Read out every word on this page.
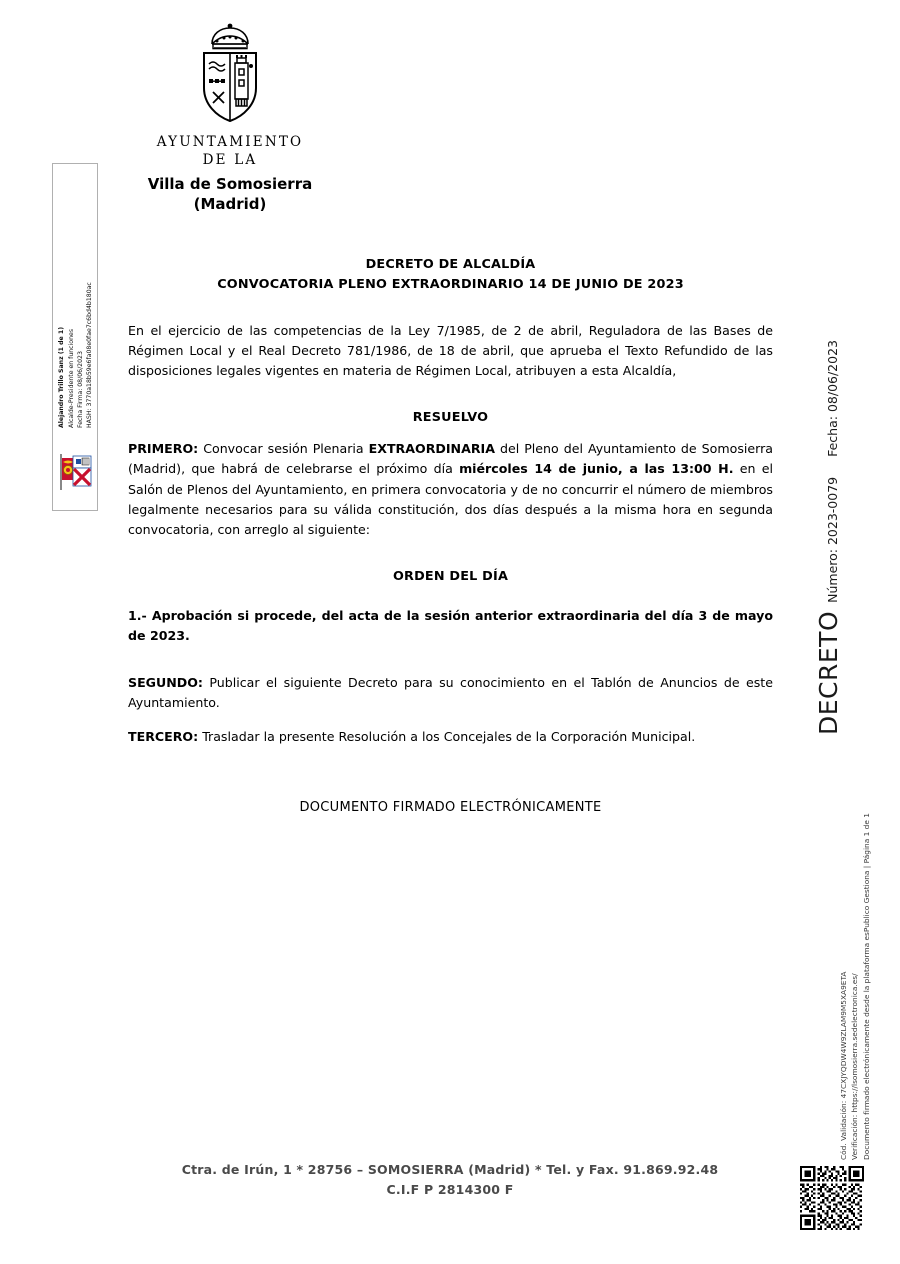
AYUNTAMIENTO
DE LA
Villa de Somosierra
(Madrid)
Alejandro Trillo Sanz (1 de 1) Alcalde-Presidente en funciones Fecha Firma: 08/06/2023 HASH: 3770a18b59e6fa08e0fae7c6bd4b180ac
DECRETO
Número: 2023-0079
Fecha: 08/06/2023
Cód. Validación: 47CXJYQDW4W9ZLAM9M5XA9ETA Verificación: https://lsomosierra.sedelectronica.es/ Documento firmado electrónicamente desde la plataforma esPublico Gestiona | Página 1 de 1
DECRETO DE ALCALDÍA
CONVOCATORIA PLENO EXTRAORDINARIO 14 DE JUNIO DE 2023
En el ejercicio de las competencias de la Ley 7/1985, de 2 de abril, Reguladora de las Bases de Régimen Local y el Real Decreto 781/1986, de 18 de abril, que aprueba el Texto Refundido de las disposiciones legales vigentes en materia de Régimen Local, atribuyen a esta Alcaldía,
RESUELVO
PRIMERO: Convocar sesión Plenaria EXTRAORDINARIA del Pleno del Ayuntamiento de Somosierra (Madrid), que habrá de celebrarse el próximo día miércoles 14 de junio, a las 13:00 H. en el Salón de Plenos del Ayuntamiento, en primera convocatoria y de no concurrir el número de miembros legalmente necesarios para su válida constitución, dos días después a la misma hora en segunda convocatoria, con arreglo al siguiente:
ORDEN DEL DÍA
1.- Aprobación si procede, del acta de la sesión anterior extraordinaria del día 3 de mayo de 2023.
SEGUNDO: Publicar el siguiente Decreto para su conocimiento en el Tablón de Anuncios de este Ayuntamiento.
TERCERO: Trasladar la presente Resolución a los Concejales de la Corporación Municipal.
DOCUMENTO FIRMADO ELECTRÓNICAMENTE
Ctra. de Irún, 1 * 28756 – SOMOSIERRA (Madrid) * Tel. y Fax. 91.869.92.48
C.I.F P 2814300 F
